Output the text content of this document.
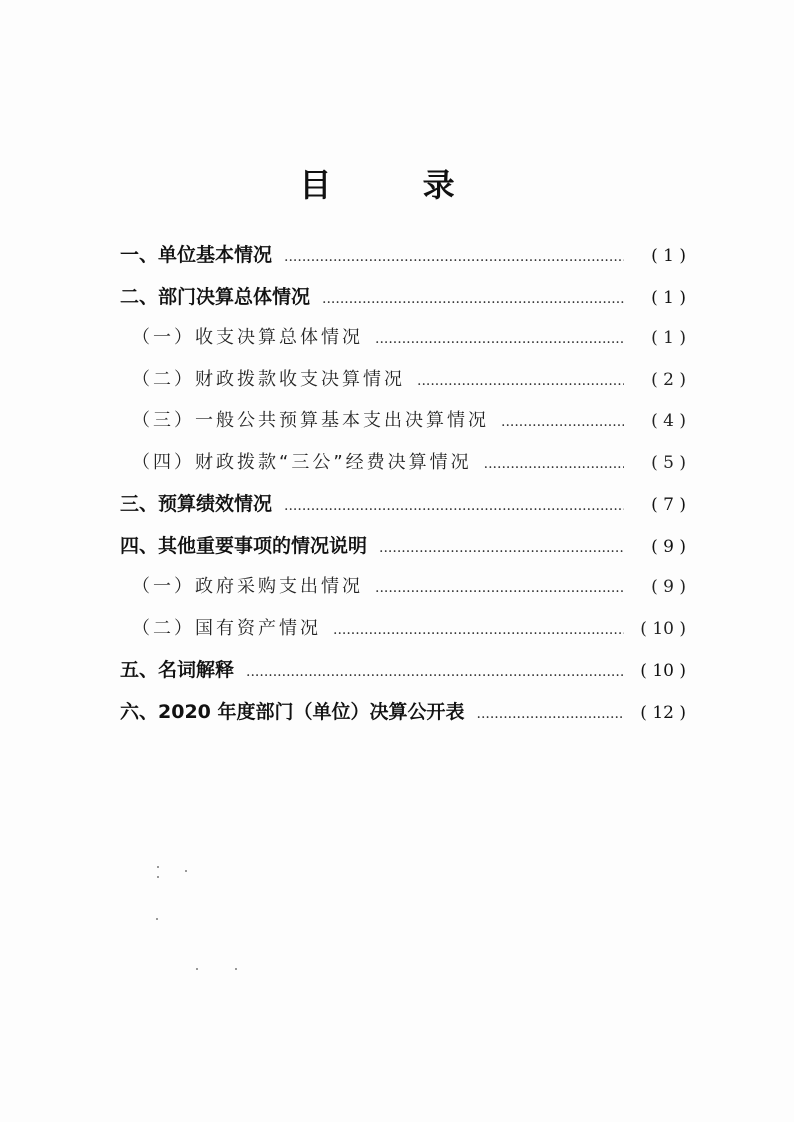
目 录
一、单位基本情况 .....	( 1 )
二、部门决算总体情况 .....	( 1 )
（一）收支决算总体情况 .....	( 1 )
（二）财政拨款收支决算情况 .....	( 2 )
（三）一般公共预算基本支出决算情况 .....	( 4 )
（四）财政拨款“三公”经费决算情况 .....	( 5 )
三、预算绩效情况 .....	( 7 )
四、其他重要事项的情况说明 .....	( 9 )
（一）政府采购支出情况 .....	( 9 )
（二）国有资产情况 .....	( 10 )
五、名词解释 .....	( 10 )
六、2020 年度部门（单位）决算公开表 .....	( 12 )
